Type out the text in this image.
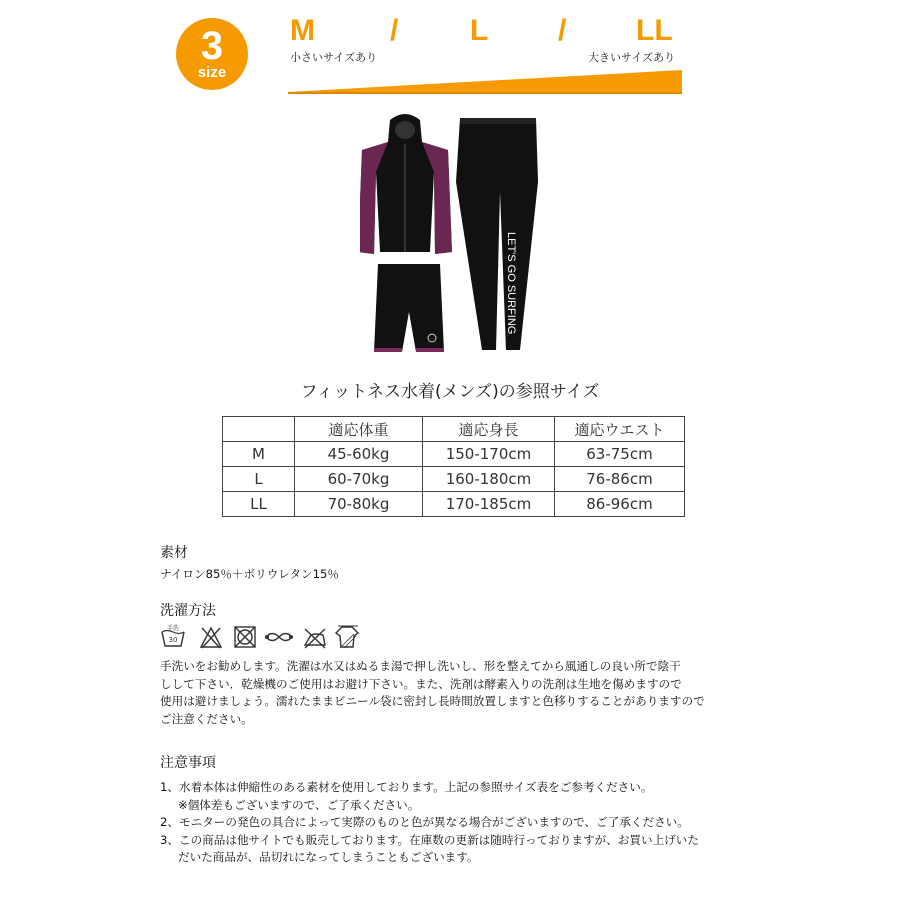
3
size
M	/ L / LL
小さいサイズあり	大きいサイズあり
LET'S GO SURFING
フィットネス水着(メンズ)の参照サイズ
	適応体重	適応身長	適応ウエスト
M	45-60kg	150-170cm	63-75cm
L	60-70kg	160-180cm	76-86cm
LL	70-80kg	170-185cm	86-96cm
素材
ナイロン85％＋ポリウレタン15％
洗濯方法
手洗
30
手洗いをお勧めします。洗濯は水又はぬるま湯で押し洗いし、形を整えてから風通しの良い所で陰干
しして下さい．乾燥機のご使用はお避け下さい。また、洗剤は酵素入りの洗剤は生地を傷めますので
使用は避けましょう。濡れたままビニール袋に密封し長時間放置しますと色移りすることがありますので
ご注意ください。
注意事項
1、水着本体は伸縮性のある素材を使用しております。上記の参照サイズ表をご参考ください。
※個体差もございますので、ご了承ください。
2、モニターの発色の具合によって実際のものと色が異なる場合がございますので、ご了承ください。
3、この商品は他サイトでも販売しております。在庫数の更新は随時行っておりますが、お買い上げいた
だいた商品が、品切れになってしまうこともございます。
